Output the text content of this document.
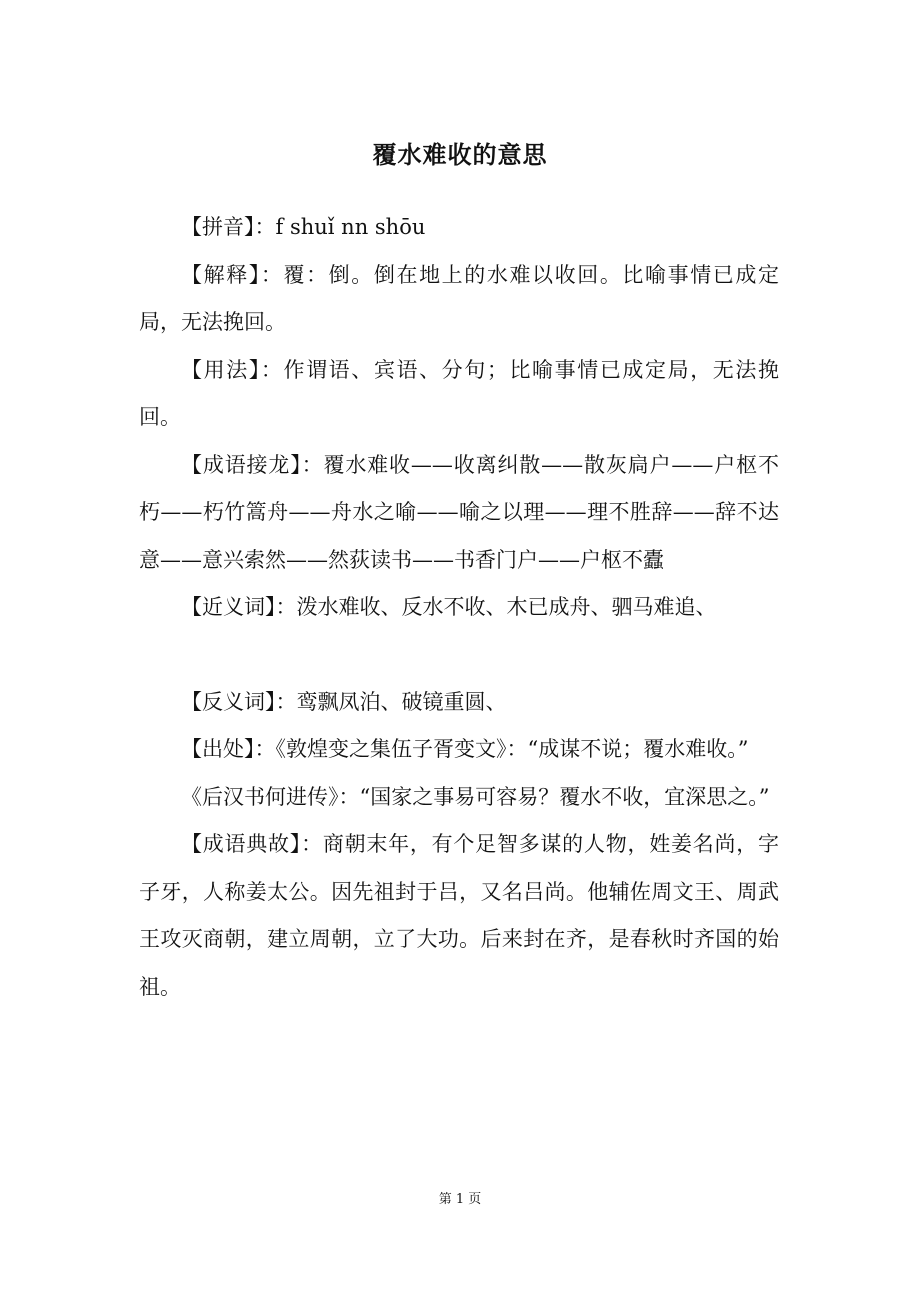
覆水难收的意思

【拼音】：f shuǐ nn shōu

【解释】：覆：倒。倒在地上的水难以收回。比喻事情已成定局，无法挽回。

【用法】：作谓语、宾语、分句；比喻事情已成定局，无法挽回。

【成语接龙】：覆水难收——收离纠散——散灰扃户——户枢不朽——朽竹篙舟——舟水之喻——喻之以理——理不胜辞——辞不达意——意兴索然——然荻读书——书香门户——户枢不蠹

【近义词】：泼水难收、反水不收、木已成舟、驷马难追、

【反义词】：鸾飘凤泊、破镜重圆、

【出处】：《敦煌变之集伍子胥变文》：“成谋不说；覆水难收。”

《后汉书何进传》：“国家之事易可容易？覆水不收，宜深思之。”

【成语典故】：商朝末年，有个足智多谋的人物，姓姜名尚，字子牙，人称姜太公。因先祖封于吕，又名吕尚。他辅佐周文王、周武王攻灭商朝，建立周朝，立了大功。后来封在齐，是春秋时齐国的始祖。

第 1 页
